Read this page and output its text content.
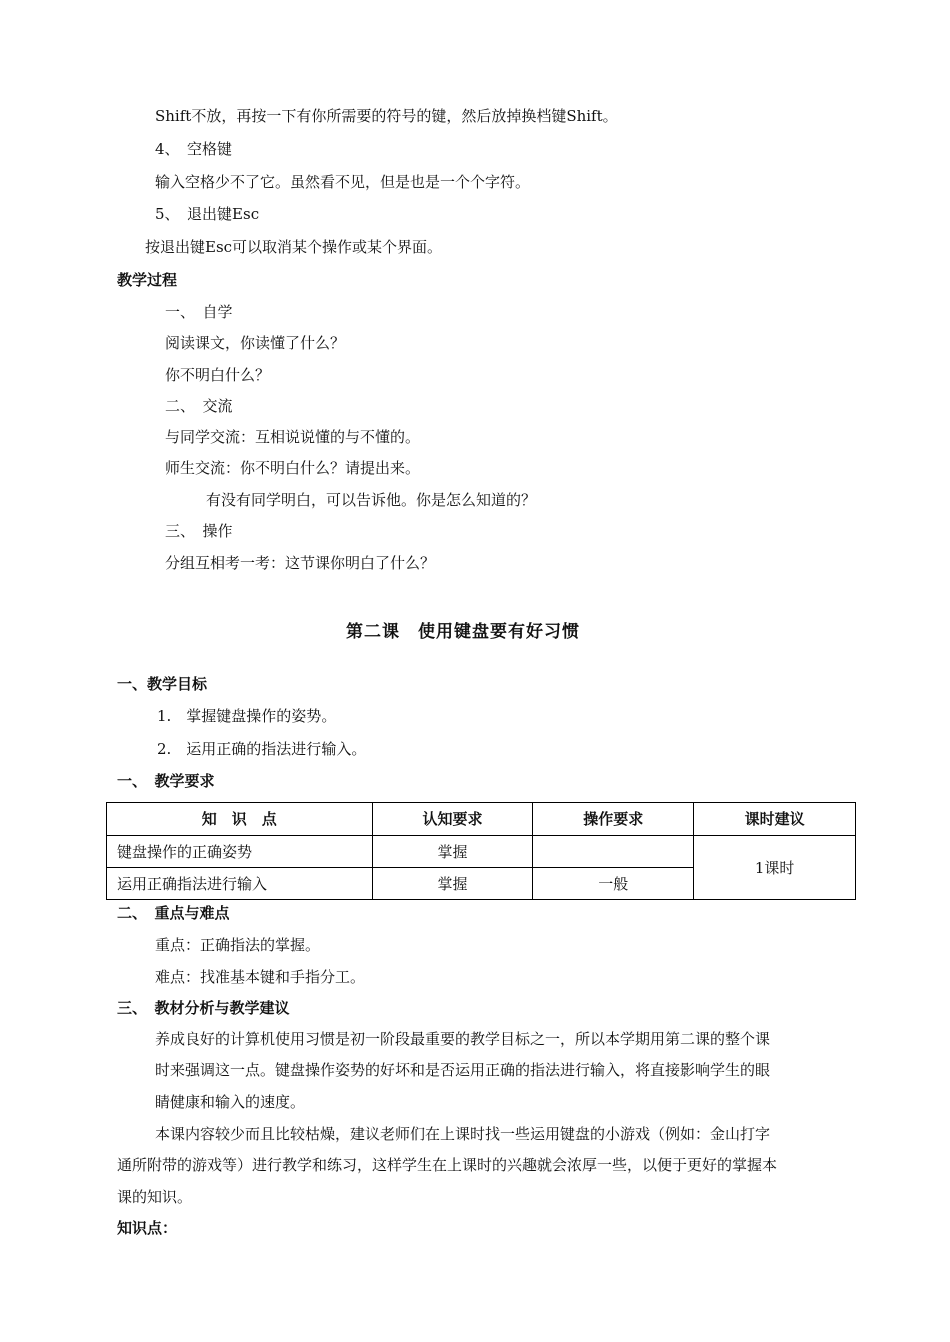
Shift不放，再按一下有你所需要的符号的键，然后放掉换档键Shift。
4、　空格键
输入空格少不了它。虽然看不见，但是也是一个个字符。
5、　退出键Esc
按退出键Esc可以取消某个操作或某个界面。
教学过程
一、　自学
阅读课文，你读懂了什么？
你不明白什么？
二、　交流
与同学交流：互相说说懂的与不懂的。
师生交流：你不明白什么？请提出来。
有没有同学明白，可以告诉他。你是怎么知道的？
三、　操作
分组互相考一考：这节课你明白了什么？
第二课　使用键盘要有好习惯
一、教学目标
1.　掌握键盘操作的姿势。
2.　运用正确的指法进行输入。
一、　教学要求
知　识　点	认知要求	操作要求	课时建议
键盘操作的正确姿势	掌握		1课时
运用正确指法进行输入	掌握	一般	
二、　重点与难点
重点：正确指法的掌握。
难点：找准基本键和手指分工。
三、　教材分析与教学建议
养成良好的计算机使用习惯是初一阶段最重要的教学目标之一，所以本学期用第二课的整个课
时来强调这一点。键盘操作姿势的好坏和是否运用正确的指法进行输入，将直接影响学生的眼
睛健康和输入的速度。
本课内容较少而且比较枯燥，建议老师们在上课时找一些运用键盘的小游戏（例如：金山打字
通所附带的游戏等）进行教学和练习，这样学生在上课时的兴趣就会浓厚一些，以便于更好的掌握本
课的知识。
知识点：
